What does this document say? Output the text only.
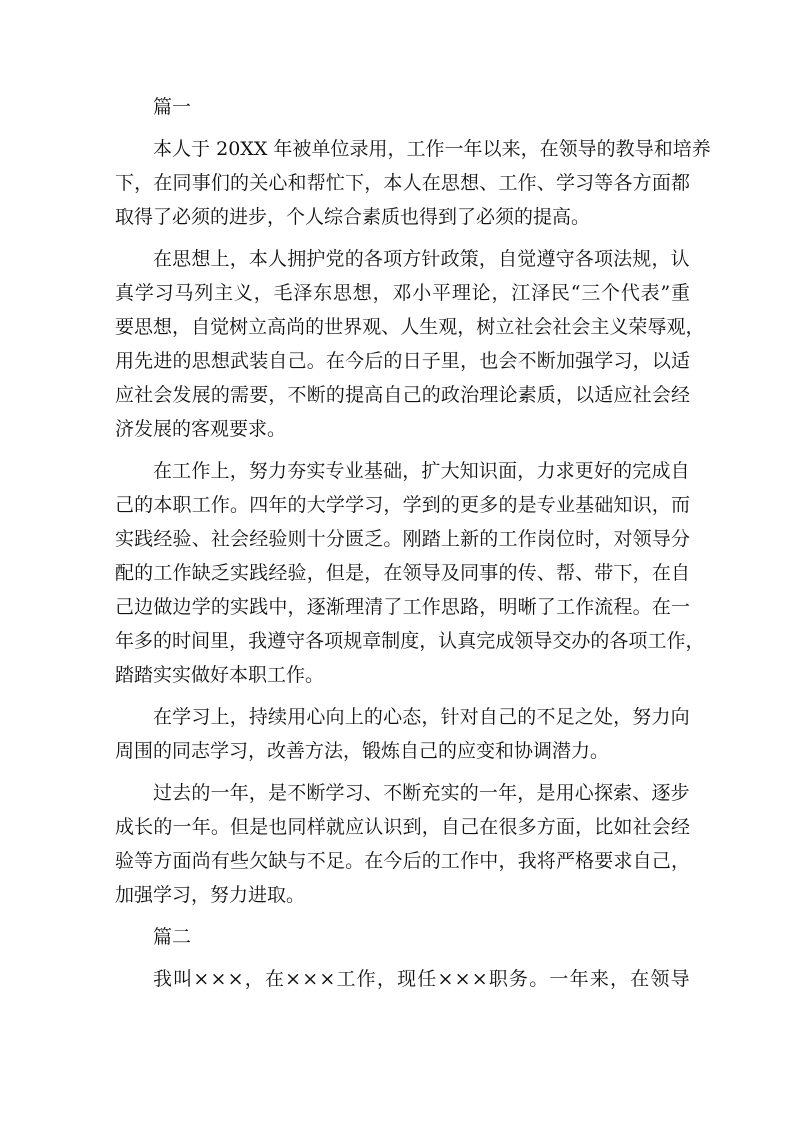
篇一
本 人 于
2 0 X X
年 被 单 位 录 用 ， 工 作 一 年 以 来 ， 在 领 导 的 教 导 和 培 养
下 ， 在 同 事 们 的 关 心 和 帮 忙 下 ， 本 人 在 思 想 、 工 作 、 学 习 等 各 方 面 都
取得了必须的进步，个人综合素质也得到了必须的提高。
在 思 想 上 ， 本 人 拥 护 党 的 各 项 方 针 政 策 ， 自 觉 遵 守 各 项 法 规 ， 认
真 学 习 马 列 主 义 ， 毛 泽 东 思 想 ， 邓 小 平 理 论 ， 江 泽 民 “ 三 个 代 表 ” 重
要 思 想 ， 自 觉 树 立 高 尚 的 世 界 观 、 人 生 观 ， 树 立 社 会 社 会 主 义 荣 辱 观 ，
用 先 进 的 思 想 武 装 自 己 。 在 今 后 的 日 子 里 ， 也 会 不 断 加 强 学 习 ， 以 适
应 社 会 发 展 的 需 要 ， 不 断 的 提 高 自 己 的 政 治 理 论 素 质 ， 以 适 应 社 会 经
济发展的客观要求。
在 工 作 上 ， 努 力 夯 实 专 业 基 础 ， 扩 大 知 识 面 ， 力 求 更 好 的 完 成 自
己 的 本 职 工 作 。 四 年 的 大 学 学 习 ， 学 到 的 更 多 的 是 专 业 基 础 知 识 ， 而
实 践 经 验 、 社 会 经 验 则 十 分 匮 乏 。 刚 踏 上 新 的 工 作 岗 位 时 ， 对 领 导 分
配 的 工 作 缺 乏 实 践 经 验 ， 但 是 ， 在 领 导 及 同 事 的 传 、 帮 、 带 下 ， 在 自
己 边 做 边 学 的 实 践 中 ， 逐 渐 理 清 了 工 作 思 路 ， 明 晰 了 工 作 流 程 。 在 一
年 多 的 时 间 里 ， 我 遵 守 各 项 规 章 制 度 ， 认 真 完 成 领 导 交 办 的 各 项 工 作 ，
踏踏实实做好本职工作。
在 学 习 上 ， 持 续 用 心 向 上 的 心 态 ， 针 对 自 己 的 不 足 之 处 ， 努 力 向
周围的同志学习，改善方法，锻炼自己的应变和协调潜力。
过 去 的 一 年 ， 是 不 断 学 习 、 不 断 充 实 的 一 年 ， 是 用 心 探 索 、 逐 步
成 长 的 一 年 。 但 是 也 同 样 就 应 认 识 到 ， 自 己 在 很 多 方 面 ， 比 如 社 会 经
验 等 方 面 尚 有 些 欠 缺 与 不 足 。 在 今 后 的 工 作 中 ， 我 将 严 格 要 求 自 己 ，
加强学习，努力进取。
篇二
我 叫 × × × ， 在 × × × 工 作 ， 现 任 × × × 职 务 。 一 年 来 ， 在 领 导
